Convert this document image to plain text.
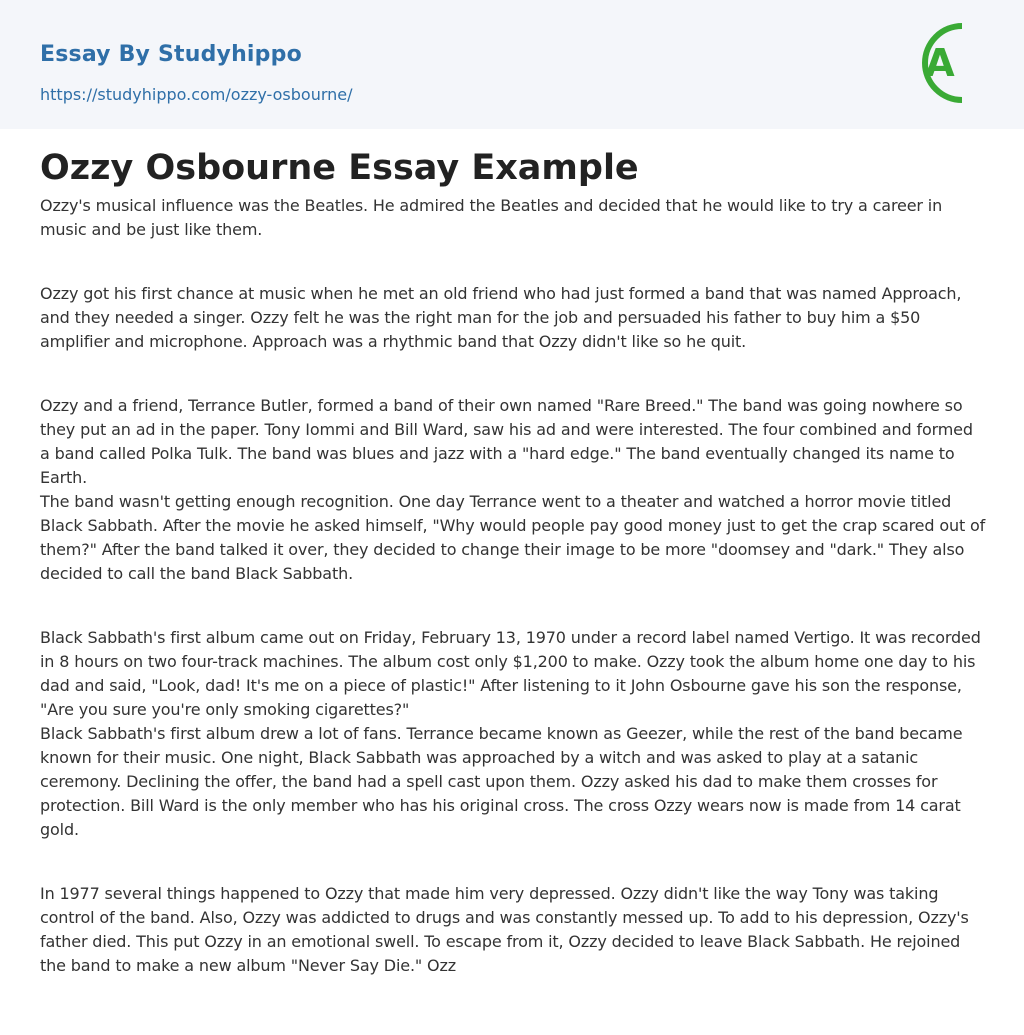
Essay By Studyhippo
https://studyhippo.com/ozzy-osbourne/
A
Ozzy Osbourne Essay Example

Ozzy's musical influence was the Beatles. He admired the Beatles and decided that he would like to try a career in music and be just like them.

Ozzy got his first chance at music when he met an old friend who had just formed a band that was named Approach, and they needed a singer. Ozzy felt he was the right man for the job and persuaded his father to buy him a $50 amplifier and microphone. Approach was a rhythmic band that Ozzy didn't like so he quit.

Ozzy and a friend, Terrance Butler, formed a band of their own named "Rare Breed." The band was going nowhere so they put an ad in the paper. Tony Iommi and Bill Ward, saw his ad and were interested. The four combined and formed a band called Polka Tulk. The band was blues and jazz with a "hard edge." The band eventually changed its name to Earth.

The band wasn't getting enough recognition. One day Terrance went to a theater and watched a horror movie titled Black Sabbath. After the movie he asked himself, "Why would people pay good money just to get the crap scared out of them?" After the band talked it over, they decided to change their image to be more "doomsey and "dark." They also decided to call the band Black Sabbath.

Black Sabbath's first album came out on Friday, February 13, 1970 under a record label named Vertigo. It was recorded in 8 hours on two four-track machines. The album cost only $1,200 to make. Ozzy took the album home one day to his dad and said, "Look, dad! It's me on a piece of plastic!" After listening to it John Osbourne gave his son the response, "Are you sure you're only smoking cigarettes?"

Black Sabbath's first album drew a lot of fans. Terrance became known as Geezer, while the rest of the band became known for their music. One night, Black Sabbath was approached by a witch and was asked to play at a satanic ceremony. Declining the offer, the band had a spell cast upon them. Ozzy asked his dad to make them crosses for protection. Bill Ward is the only member who has his original cross. The cross Ozzy wears now is made from 14 carat gold.

In 1977 several things happened to Ozzy that made him very depressed. Ozzy didn't like the way Tony was taking control of the band. Also, Ozzy was addicted to drugs and was constantly messed up. To add to his depression, Ozzy's father died. This put Ozzy in an emotional swell. To escape from it, Ozzy decided to leave Black Sabbath. He rejoined the band to make a new album "Never Say Die." Ozz
